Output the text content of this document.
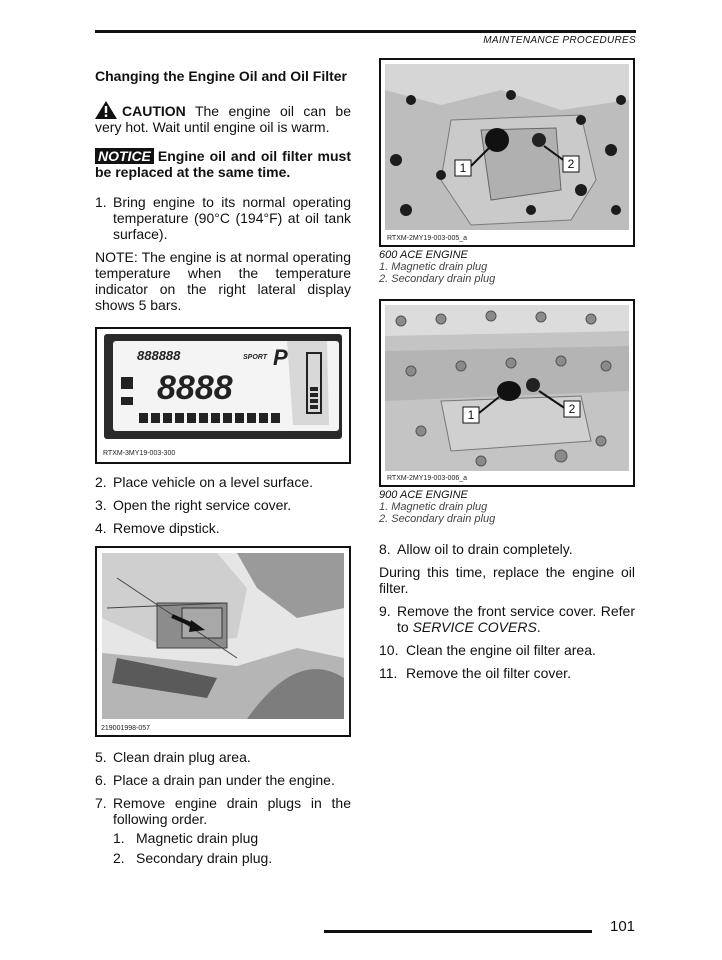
MAINTENANCE PROCEDURES
Changing the Engine Oil and Oil Filter
CAUTION The engine oil can be very hot. Wait until engine oil is warm.
NOTICE Engine oil and oil filter must be replaced at the same time.
1. Bring engine to its normal operating temperature (90°C (194°F) at oil tank surface).
NOTE: The engine is at normal operating temperature when the temperature indicator on the right lateral display shows 5 bars.
888888	SPORT P
8888
RTXM-3MY19-003-300
2. Place vehicle on a level surface.
3. Open the right service cover.
4. Remove dipstick.
219001998-057
5. Clean drain plug area.
6. Place a drain pan under the engine.
7. Remove engine drain plugs in the following order.
1. Magnetic drain plug
2. Secondary drain plug.
1	2
RTXM-2MY19-003-005_a
600 ACE ENGINE
1. Magnetic drain plug
2. Secondary drain plug
1	2
RTXM-2MY19-003-006_a
900 ACE ENGINE
1. Magnetic drain plug
2. Secondary drain plug
8. Allow oil to drain completely.
During this time, replace the engine oil filter.
9. Remove the front service cover. Refer to SERVICE COVERS.
10. Clean the engine oil filter area.
11. Remove the oil filter cover.
101
